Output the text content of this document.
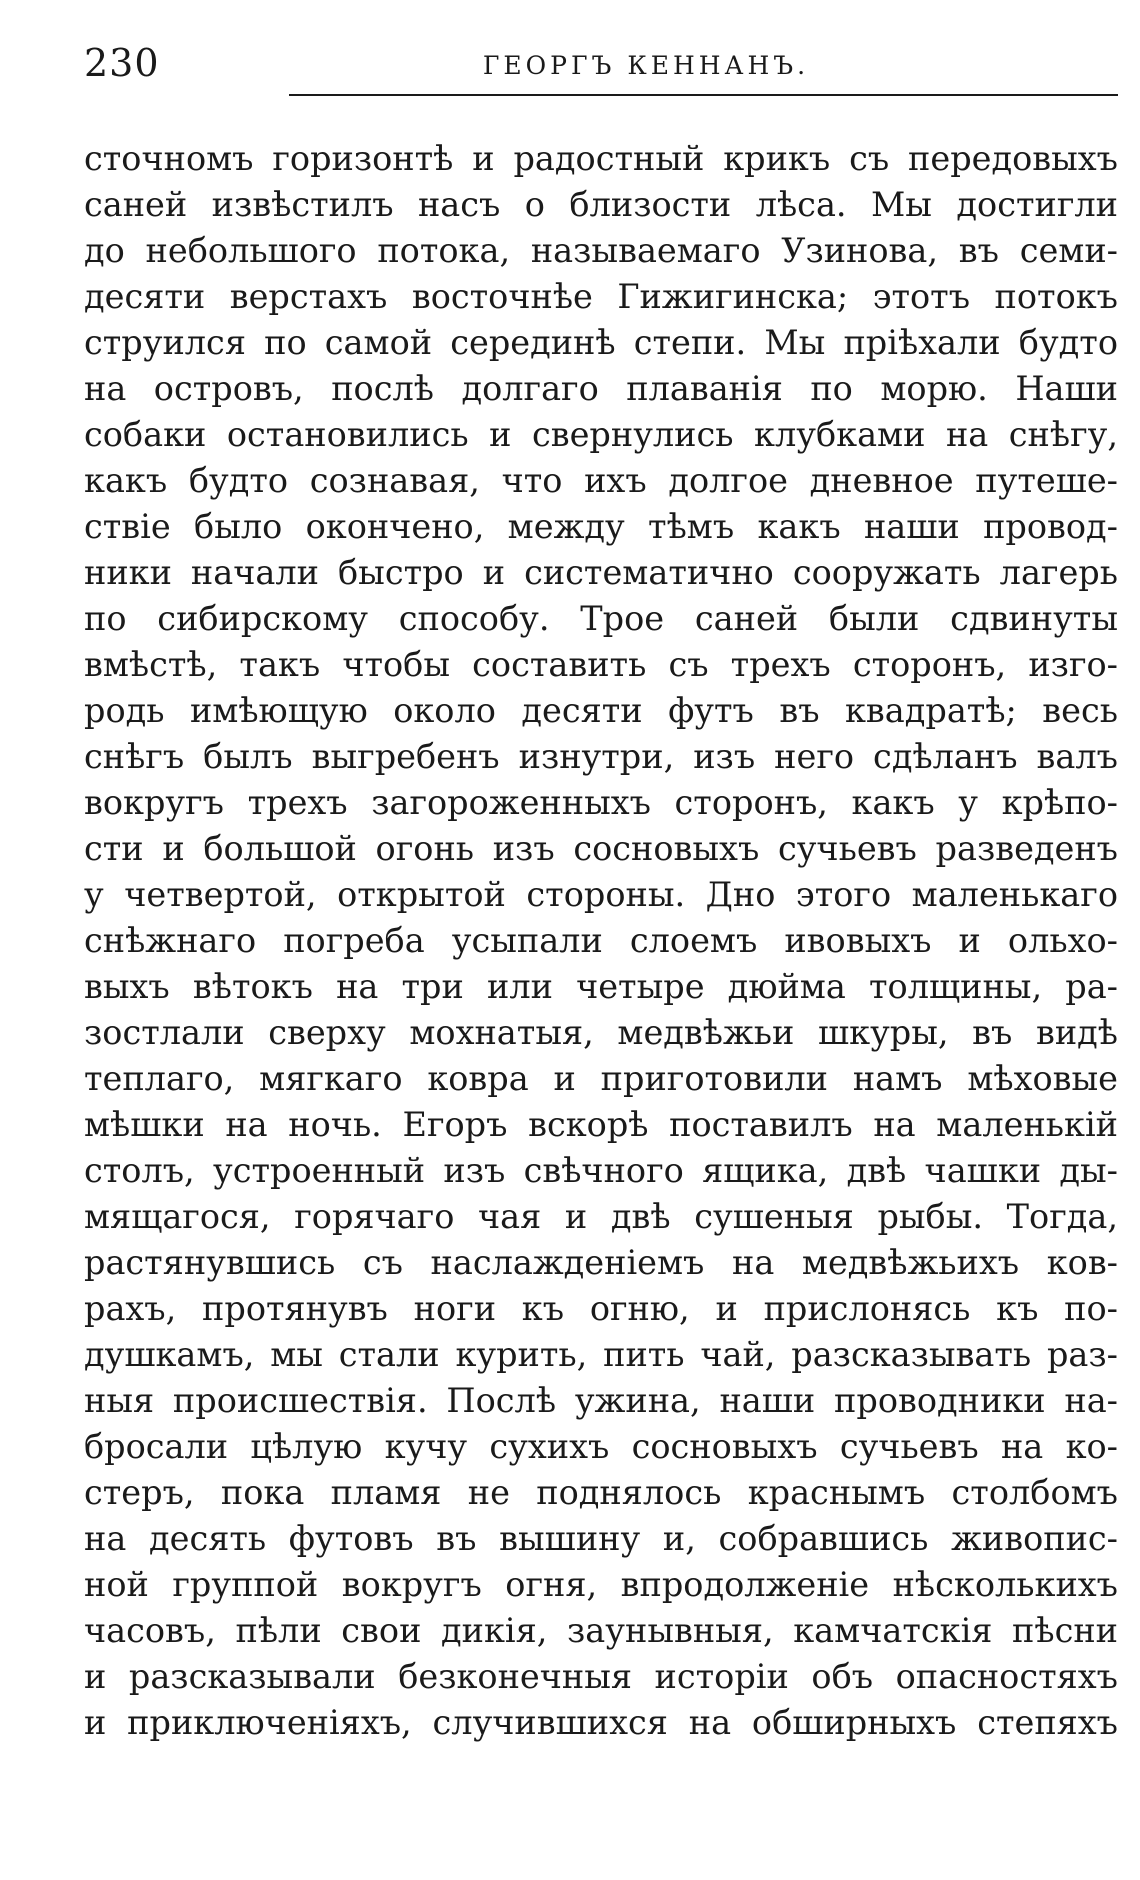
230	ГЕОРГЪ КЕННАНЪ.
сточномъ горизонтѣ и радостный крикъ съ передовыхъ
саней извѣстилъ насъ о близости лѣса. Мы достигли
до небольшого потока, называемаго Узинова, въ семи-
десяти верстахъ восточнѣе Гижигинска; этотъ потокъ
струился по самой серединѣ степи. Мы пріѣхали будто
на островъ, послѣ долгаго плаванія по морю. Наши
собаки остановились и свернулись клубками на снѣгу,
какъ будто сознавая, что ихъ долгое дневное путеше-
ствіе было окончено, между тѣмъ какъ наши провод-
ники начали быстро и систематично сооружать лагерь
по сибирскому способу. Трое саней были сдвинуты
вмѣстѣ, такъ чтобы составить съ трехъ сторонъ, изго-
родь имѣющую около десяти футъ въ квадратѣ; весь
снѣгъ былъ выгребенъ изнутри, изъ него сдѣланъ валъ
вокругъ трехъ загороженныхъ сторонъ, какъ у крѣпо-
сти и большой огонь изъ сосновыхъ сучьевъ разведенъ
у четвертой, открытой стороны. Дно этого маленькаго
снѣжнаго погреба усыпали слоемъ ивовыхъ и ольхо-
выхъ вѣтокъ на три или четыре дюйма толщины, ра-
зостлали сверху мохнатыя, медвѣжьи шкуры, въ видѣ
теплаго, мягкаго ковра и приготовили намъ мѣховые
мѣшки на ночь. Егоръ вскорѣ поставилъ на маленькій
столъ, устроенный изъ свѣчного ящика, двѣ чашки ды-
мящагося, горячаго чая и двѣ сушеныя рыбы. Тогда,
растянувшись съ наслажденіемъ на медвѣжьихъ ков-
рахъ, протянувъ ноги къ огню, и прислонясь къ по-
душкамъ, мы стали курить, пить чай, разсказывать раз-
ныя происшествія. Послѣ ужина, наши проводники на-
бросали цѣлую кучу сухихъ сосновыхъ сучьевъ на ко-
стеръ, пока пламя не поднялось краснымъ столбомъ
на десять футовъ въ вышину и, собравшись живопис-
ной группой вокругъ огня, впродолженіе нѣсколькихъ
часовъ, пѣли свои дикія, заунывныя, камчатскія пѣсни
и разсказывали безконечныя исторіи объ опасностяхъ
и приключеніяхъ, случившихся на обширныхъ степяхъ
